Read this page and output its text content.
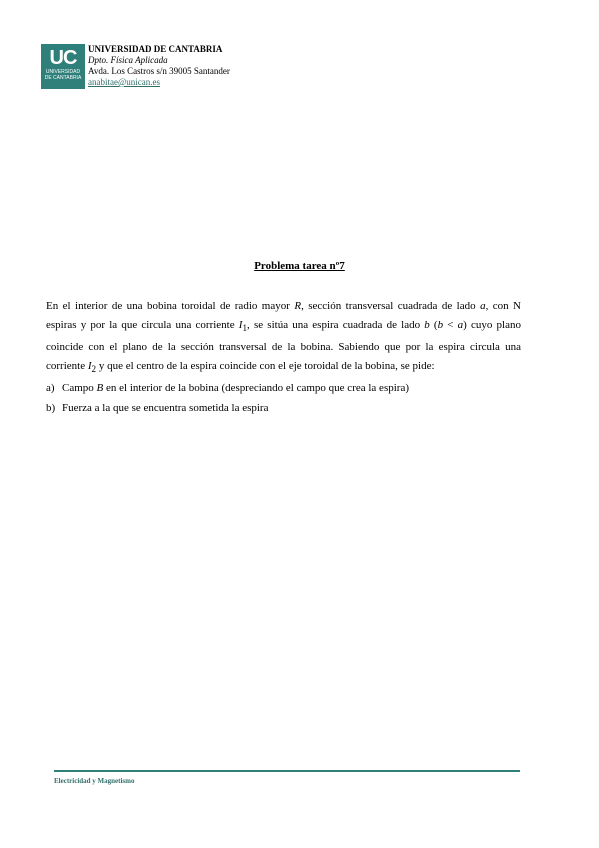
UC
UNIVERSIDAD
DE CANTABRIA
UNIVERSIDAD DE CANTABRIA
Dpto. Física Aplicada
Avda. Los Castros s/n 39005 Santander
anabitae@unican.es
Problema tarea nº7
En el interior de una bobina toroidal de radio mayor R, sección transversal cuadrada de lado a, con N espiras y por la que circula una corriente $I_1$, se sitúa una espira cuadrada de lado b (b < a) cuyo plano coincide con el plano de la sección transversal de la bobina. Sabiendo que por la espira circula una corriente $I_2$ y que el centro de la espira coincide con el eje toroidal de la bobina, se pide:
a) Campo B en el interior de la bobina (despreciando el campo que crea la espira)
b) Fuerza a la que se encuentra sometida la espira
Electricidad y Magnetismo
